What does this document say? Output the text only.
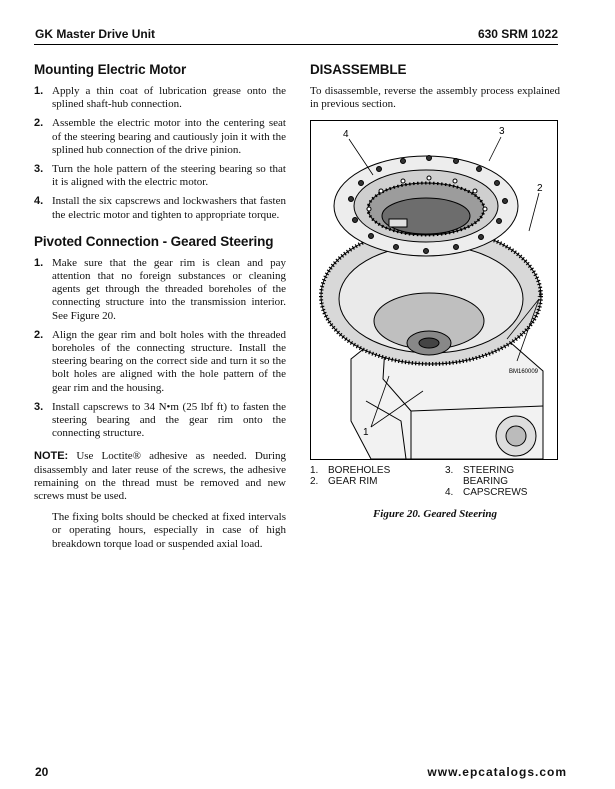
GK Master Drive Unit	630 SRM 1022
Mounting Electric Motor
1. Apply a thin coat of lubrication grease onto the splined shaft-hub connection.
2. Assemble the electric motor into the centering seat of the steering bearing and cautiously join it with the splined hub connection of the drive pinion.
3. Turn the hole pattern of the steering bearing so that it is aligned with the electric motor.
4. Install the six capscrews and lockwashers that fasten the electric motor and tighten to appropriate torque.
Pivoted Connection - Geared Steering
1. Make sure that the gear rim is clean and pay attention that no foreign substances or cleaning agents get through the threaded boreholes of the connecting structure into the transmission interior. See Figure 20.
2. Align the gear rim and bolt holes with the threaded boreholes of the connecting structure. Install the steering bearing on the correct side and turn it so the bolt holes are aligned with the hole pattern of the gear rim and the housing.
3. Install capscrews to 34 N•m (25 lbf ft) to fasten the steering bearing and the gear rim onto the connecting structure.

NOTE: Use Loctite® adhesive as needed. During disassembly and later reuse of the screws, the adhesive remaining on the thread must be removed and new screws must be used.

The fixing bolts should be checked at fixed intervals or operating hours, especially in case of high breakdown torque load or suspended axial load.

DISASSEMBLE

To disassemble, reverse the assembly process explained in previous section.

4	3
2
1
1
BM160009
1. BOREHOLES
2. GEAR RIM
3. STEERING BEARING
4. CAPSCREWS
Figure 20. Geared Steering
20	www.epcatalogs.com
